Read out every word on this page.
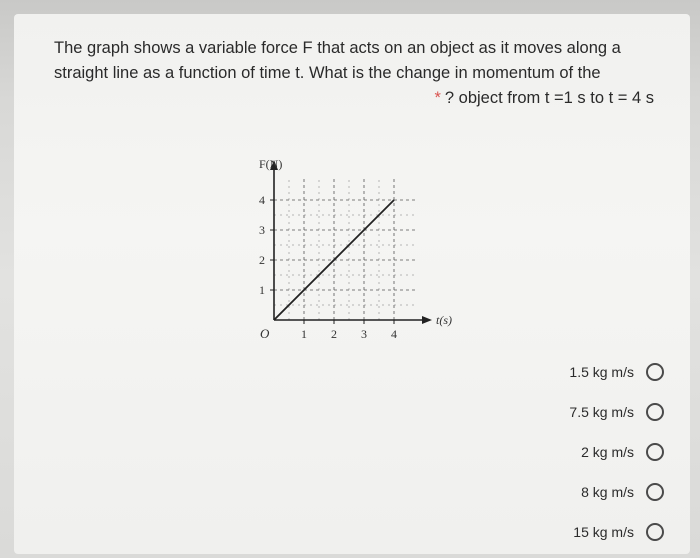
The graph shows a variable force F that acts on an object as it moves along a
straight line as a function of time t. What is the change in momentum of the
* ? object from t =1 s to t = 4 s
1 2 3 4
1
2
3
4
F(N)
t(s)
O
1.5 kg m/s
7.5 kg m/s
2 kg m/s
8 kg m/s
15 kg m/s
